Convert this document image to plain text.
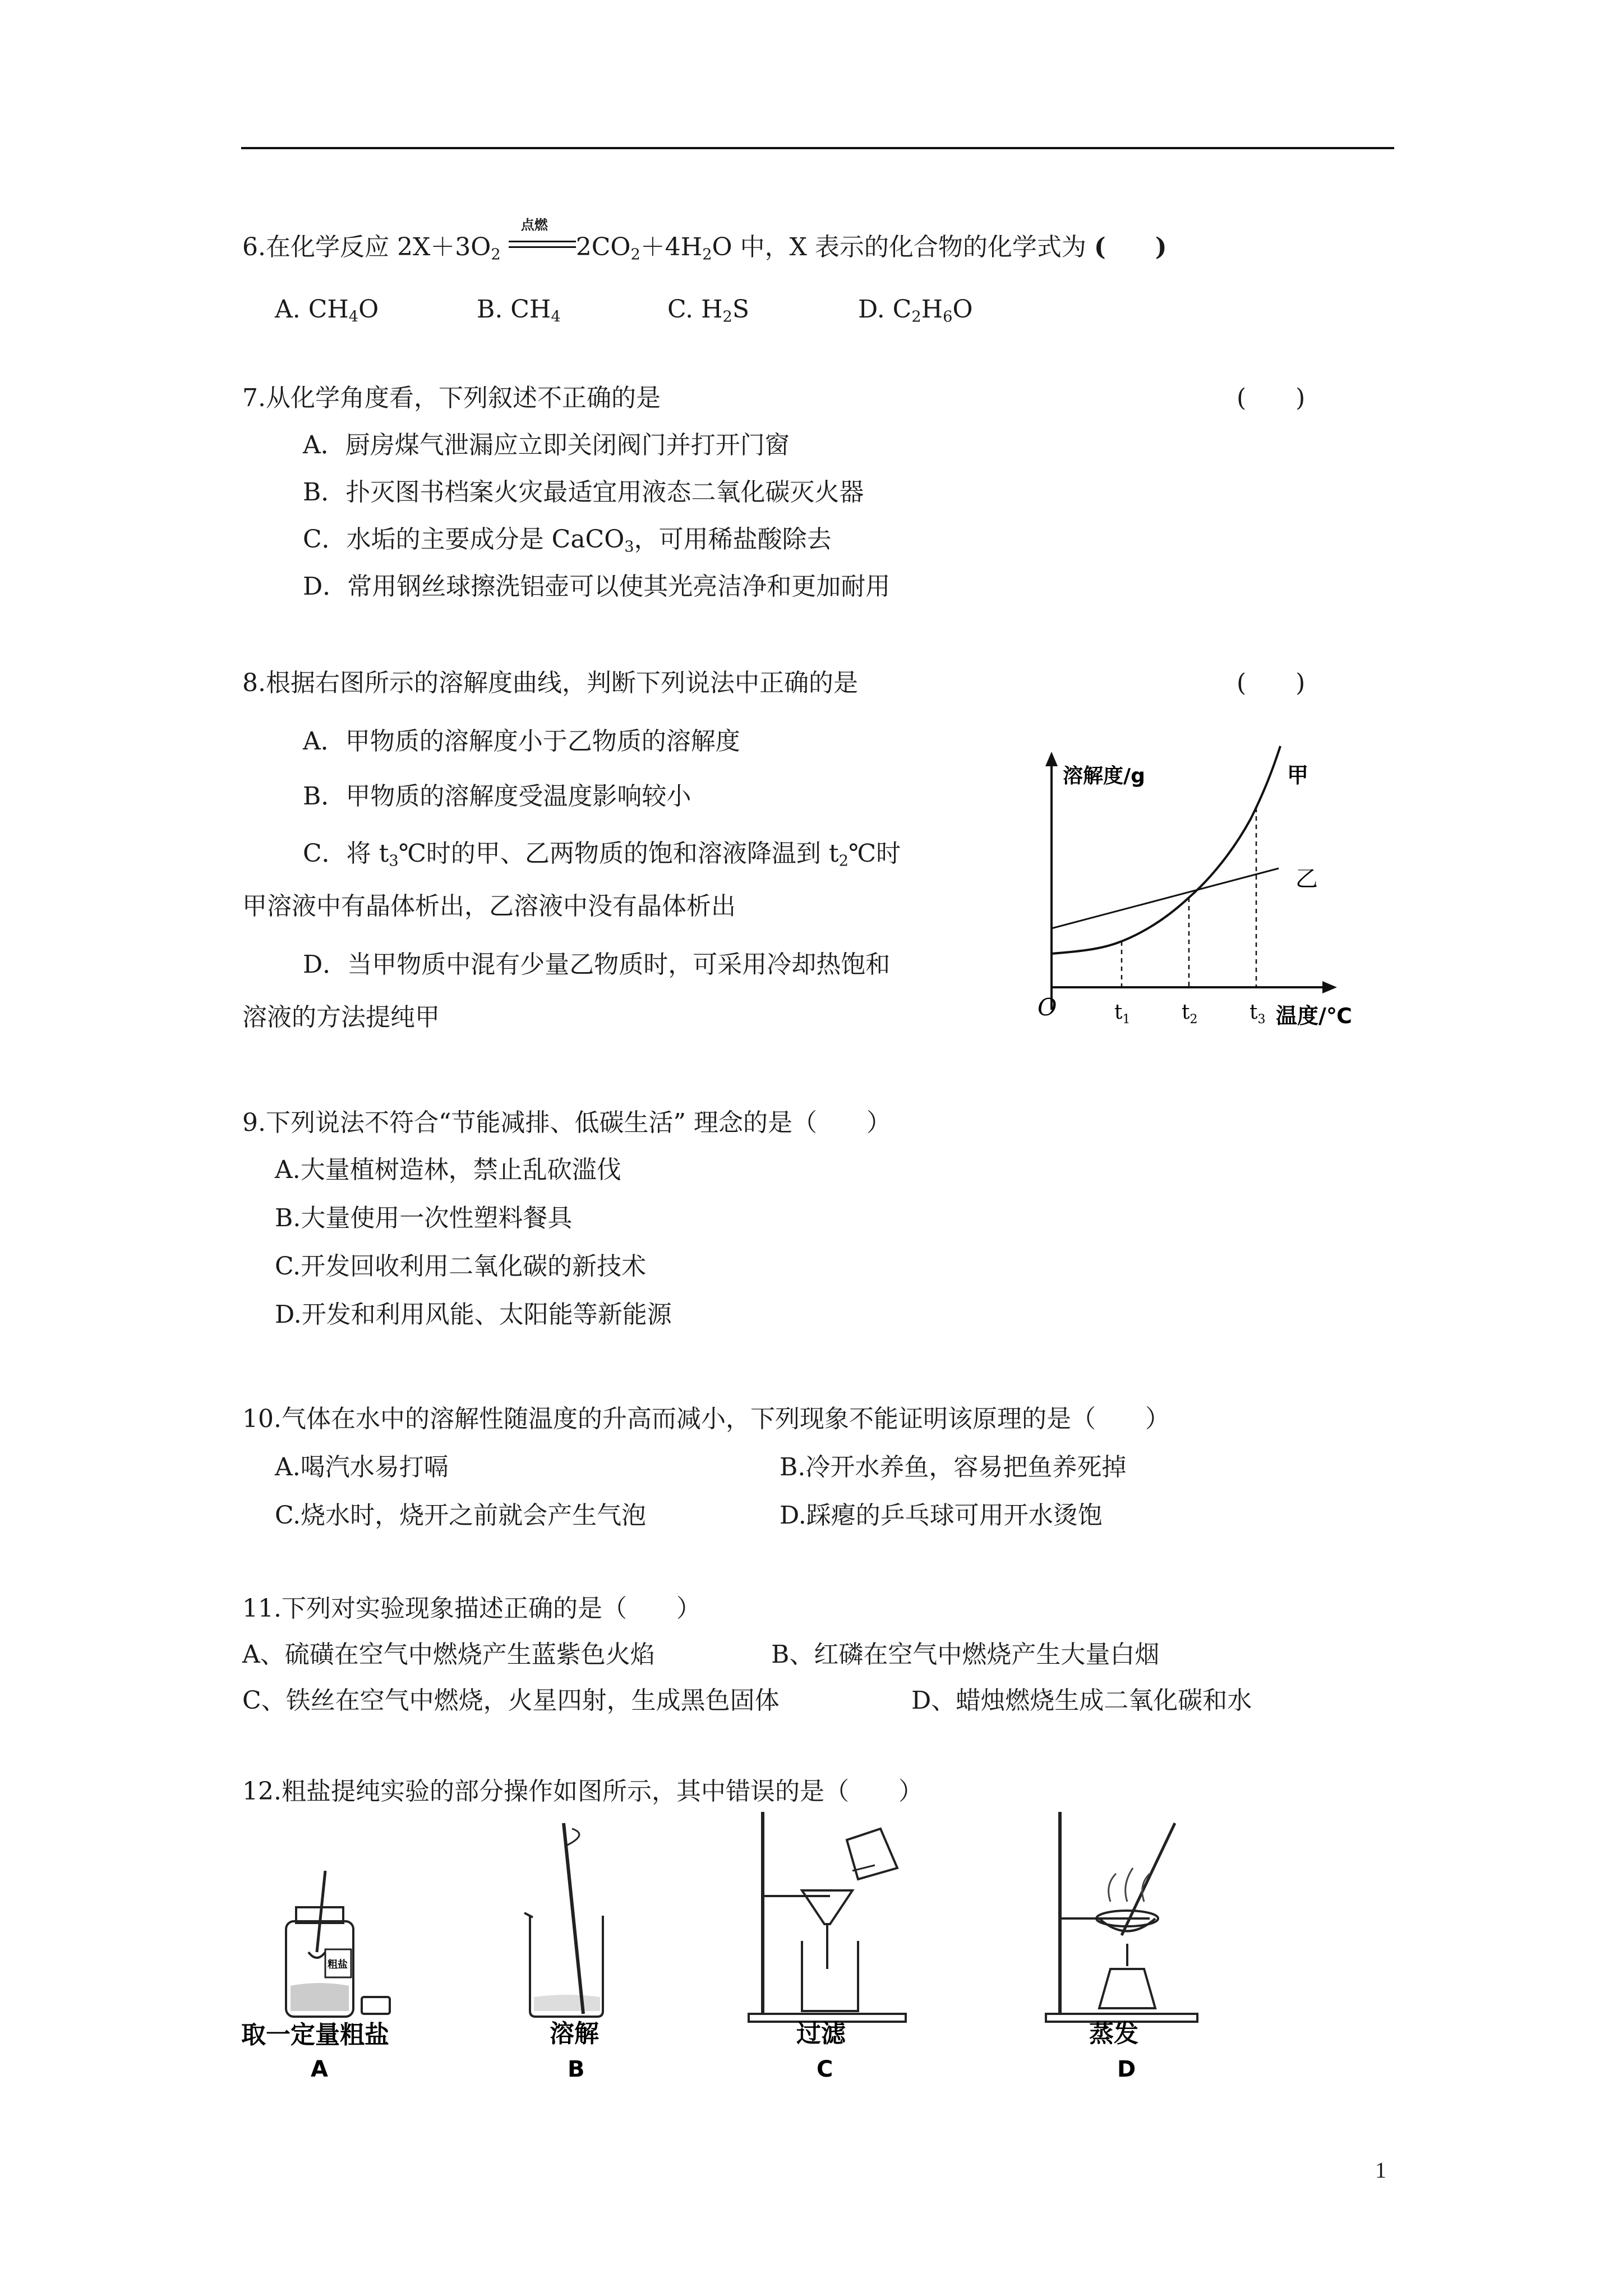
6.在化学反应 $2X+3O_2$
点燃
$2CO_2+4H_2O$ 中，X 表示的化合物的化学式为 (　　)
A. $CH_4O$	B. $CH_4$	C. $H_2S$	D. $C_2H_6O$
7.从化学角度看，下列叙述不正确的是	(　　)
A．厨房煤气泄漏应立即关闭阀门并打开门窗
B．扑灭图书档案火灾最适宜用液态二氧化碳灭火器
C．水垢的主要成分是 CaCO$_3$，可用稀盐酸除去
D．常用钢丝球擦洗铝壶可以使其光亮洁净和更加耐用
8.根据右图所示的溶解度曲线，判断下列说法中正确的是	(　　)
A．甲物质的溶解度小于乙物质的溶解度
B．甲物质的溶解度受温度影响较小
C．将 $t_3℃$时的甲、乙两物质的饱和溶液降温到 $t_2℃$时
甲溶液中有晶体析出，乙溶液中没有晶体析出
D．当甲物质中混有少量乙物质时，可采用冷却热饱和
溶液的方法提纯甲
溶解度/g	甲
乙
O	$t_1$	$t_2$	$t_3$ 温度/℃
9.下列说法不符合“节能减排、低碳生活” 理念的是（　　）
A.大量植树造林，禁止乱砍滥伐
B.大量使用一次性塑料餐具
C.开发回收利用二氧化碳的新技术
D.开发和利用风能、太阳能等新能源
10.气体在水中的溶解性随温度的升高而减小，下列现象不能证明该原理的是（　　）
A.喝汽水易打嗝	B.冷开水养鱼，容易把鱼养死掉
C.烧水时，烧开之前就会产生气泡	D.踩瘪的乒乓球可用开水烫饱
11.下列对实验现象描述正确的是（　　）
A、硫磺在空气中燃烧产生蓝紫色火焰	B、红磷在空气中燃烧产生大量白烟
C、铁丝在空气中燃烧，火星四射，生成黑色固体	D、蜡烛燃烧生成二氧化碳和水
12.粗盐提纯实验的部分操作如图所示，其中错误的是（　　）
粗盐
取一定量粗盐
A
溶解
B
过滤
C
蒸发
D
1
